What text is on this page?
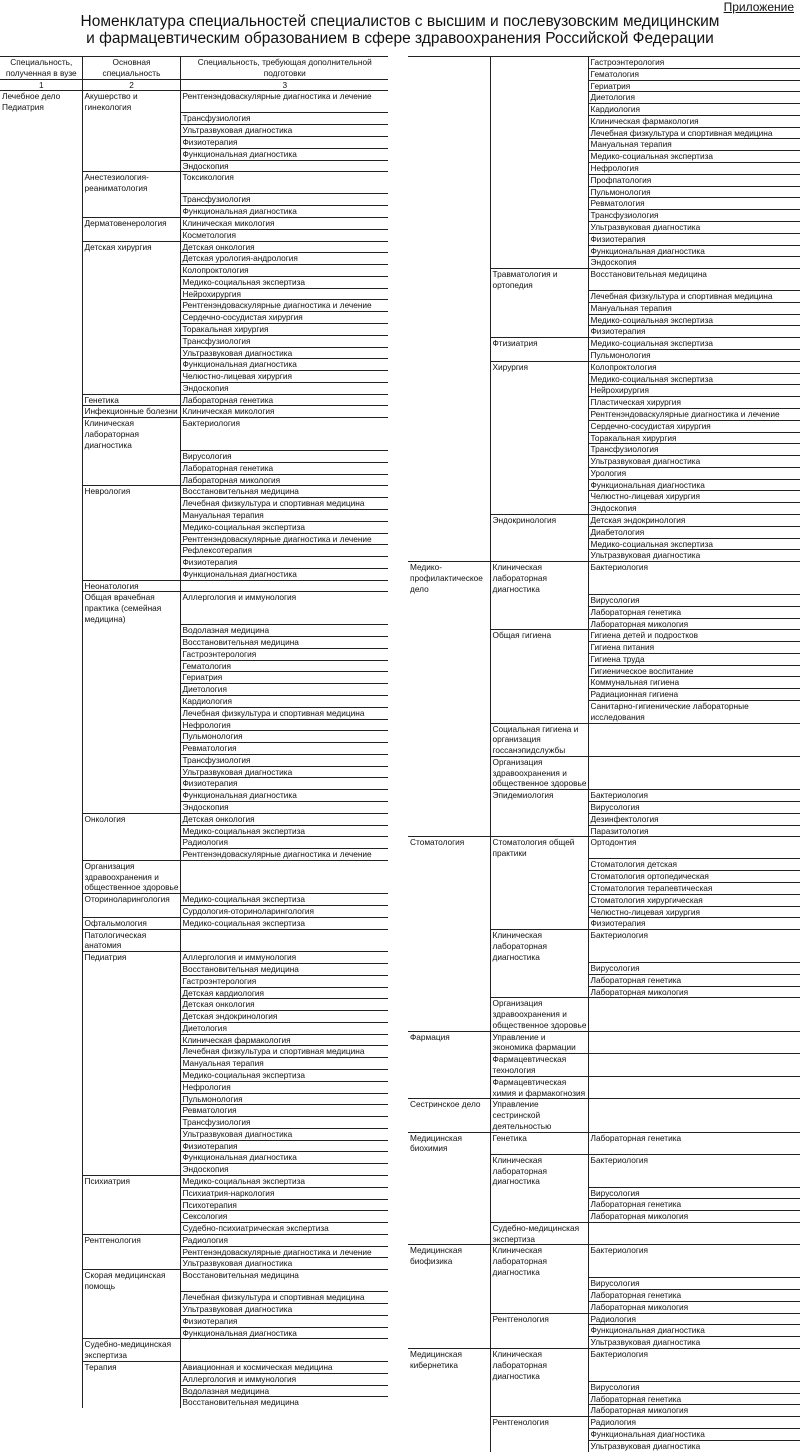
Приложение
Номенклатура специальностей специалистов с высшим и послевузовским медицинским и фармацевтическим образованием в сфере здравоохранения Российской Федерации
Специальность, полученная в вузе	Основная специальность	Специальность, требующая дополнительной подготовки
1	2	3
Лечебное дело Педиатрия	Акушерство и гинекология	Рентгенэндоваскулярные диагностика и лечение
		Трансфузиология
		Ультразвуковая диагностика
		Физиотерапия
		Функциональная диагностика
		Эндоскопия
	Анестезиология-реаниматология	Токсикология
		Трансфузиология
		Функциональная диагностика
	Дерматовенерология	Клиническая микология
		Косметология
	Детская хирургия	Детская онкология
		Детская урология-андрология
		Колопроктология
		Медико-социальная экспертиза
		Нейрохирургия
		Рентгенэндоваскулярные диагностика и лечение
		Сердечно-сосудистая хирургия
		Торакальная хирургия
		Трансфузиология
		Ультразвуковая диагностика
		Функциональная диагностика
		Челюстно-лицевая хирургия
		Эндоскопия
	Генетика	Лабораторная генетика
	Инфекционные болезни	Клиническая микология
	Клиническая лабораторная диагностика	Бактериология
		Вирусология
		Лабораторная генетика
		Лабораторная микология
	Неврология	Восстановительная медицина
		Лечебная физкультура и спортивная медицина
		Мануальная терапия
		Медико-социальная экспертиза
		Рентгенэндоваскулярные диагностика и лечение
		Рефлексотерапия
		Физиотерапия
		Функциональная диагностика
	Неонатология	
	Общая врачебная практика (семейная медицина)	Аллергология и иммунология
		Водолазная медицина
		Восстановительная медицина
		Гастроэнтерология
		Гематология
		Гериатрия
		Диетология
		Кардиология
		Лечебная физкультура и спортивная медицина
		Нефрология
		Пульмонология
		Ревматология
		Трансфузиология
		Ультразвуковая диагностика
		Физиотерапия
		Функциональная диагностика
		Эндоскопия
	Онкология	Детская онкология
		Медико-социальная экспертиза
		Радиология
		Рентгенэндоваскулярные диагностика и лечение
	Организация здравоохранения и общественное здоровье	
	Оториноларингология	Медико-социальная экспертиза
		Сурдология-оториноларингология
	Офтальмология	Медико-социальная экспертиза
	Патологическая анатомия	
	Педиатрия	Аллергология и иммунология
		Восстановительная медицина
		Гастроэнтерология
		Детская кардиология
		Детская онкология
		Детская эндокринология
		Диетология
		Клиническая фармакология
		Лечебная физкультура и спортивная медицина
		Мануальная терапия
		Медико-социальная экспертиза
		Нефрология
		Пульмонология
		Ревматология
		Трансфузиология
		Ультразвуковая диагностика
		Физиотерапия
		Функциональная диагностика
		Эндоскопия
	Психиатрия	Медико-социальная экспертиза
		Психиатрия-наркология
		Психотерапия
		Сексология
		Судебно-психиатрическая экспертиза
	Рентгенология	Радиология
		Рентгенэндоваскулярные диагностика и лечение
		Ультразвуковая диагностика
	Скорая медицинская помощь	Восстановительная медицина
		Лечебная физкультура и спортивная медицина
		Ультразвуковая диагностика
		Физиотерапия
		Функциональная диагностика
	Судебно-медицинская экспертиза	
	Терапия	Авиационная и космическая медицина
		Аллергология и иммунология
		Водолазная медицина
		Восстановительная медицина
		Гастроэнтерология
		Гематология
		Гериатрия
		Диетология
		Кардиология
		Клиническая фармакология
		Лечебная физкультура и спортивная медицина
		Мануальная терапия
		Медико-социальная экспертиза
		Нефрология
		Профпатология
		Пульмонология
		Ревматология
		Трансфузиология
		Ультразвуковая диагностика
		Физиотерапия
		Функциональная диагностика
		Эндоскопия
	Травматология и ортопедия	Восстановительная медицина
		Лечебная физкультура и спортивная медицина
		Мануальная терапия
		Медико-социальная экспертиза
		Физиотерапия
	Фтизиатрия	Медико-социальная экспертиза
		Пульмонология
	Хирургия	Колопроктология
		Медико-социальная экспертиза
		Нейрохирургия
		Пластическая хирургия
		Рентгенэндоваскулярные диагностика и лечение
		Сердечно-сосудистая хирургия
		Торакальная хирургия
		Трансфузиология
		Ультразвуковая диагностика
		Урология
		Функциональная диагностика
		Челюстно-лицевая хирургия
		Эндоскопия
	Эндокринология	Детская эндокринология
		Диабетология
		Медико-социальная экспертиза
		Ультразвуковая диагностика
Медико-профилактическое дело	Клиническая лабораторная диагностика	Бактериология
		Вирусология
		Лабораторная генетика
		Лабораторная микология
	Общая гигиена	Гигиена детей и подростков
		Гигиена питания
		Гигиена труда
		Гигиеническое воспитание
		Коммунальная гигиена
		Радиационная гигиена
		Санитарно-гигиенические лабораторные исследования
	Социальная гигиена и организация госсанэпидслужбы	
	Организация здравоохранения и общественное здоровье	
	Эпидемиология	Бактериология
		Вирусология
		Дезинфектология
		Паразитология
Стоматология	Стоматология общей практики	Ортодонтия
		Стоматология детская
		Стоматология ортопедическая
		Стоматология терапевтическая
		Стоматология хирургическая
		Челюстно-лицевая хирургия
		Физиотерапия
	Клиническая лабораторная диагностика	Бактериология
		Вирусология
		Лабораторная генетика
		Лабораторная микология
	Организация здравоохранения и общественное здоровье	
Фармация	Управление и экономика фармации	
	Фармацевтическая технология	
	Фармацевтическая химия и фармакогнозия	
Сестринское дело	Управление сестринской деятельностью	
Медицинская биохимия	Генетика	Лабораторная генетика
	Клиническая лабораторная диагностика	Бактериология
		Вирусология
		Лабораторная генетика
		Лабораторная микология
	Судебно-медицинская экспертиза	
Медицинская биофизика	Клиническая лабораторная диагностика	Бактериология
		Вирусология
		Лабораторная генетика
		Лабораторная микология
	Рентгенология	Радиология
		Функциональная диагностика
		Ультразвуковая диагностика
Медицинская кибернетика	Клиническая лабораторная диагностика	Бактериология
		Вирусология
		Лабораторная генетика
		Лабораторная микология
	Рентгенология	Радиология
		Функциональная диагностика
		Ультразвуковая диагностика
